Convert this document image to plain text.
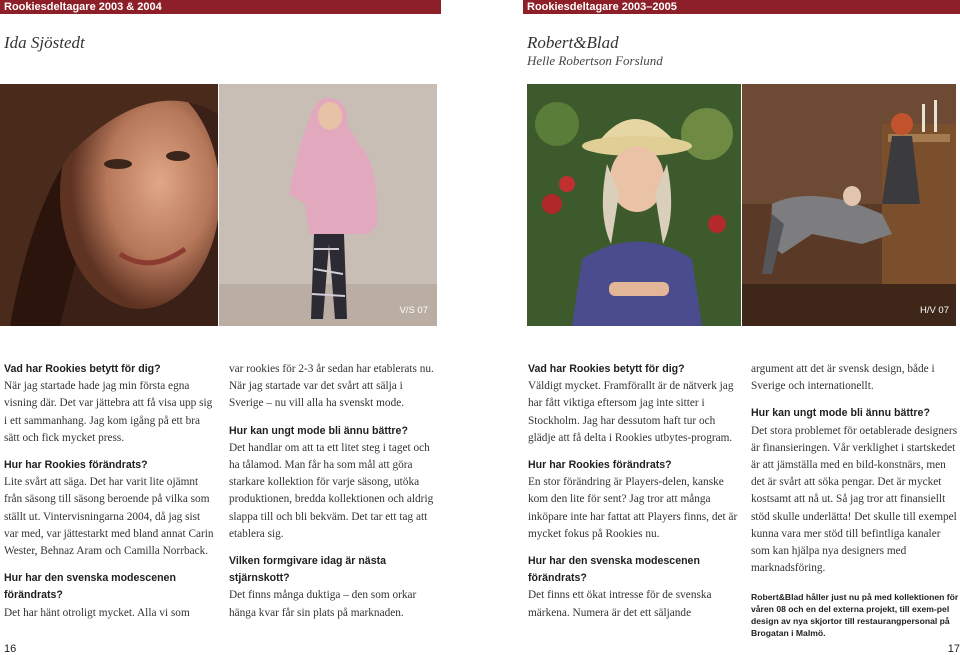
Rookiesdeltagare 2003 & 2004	Rookiesdeltagare 2003–2005
Ida Sjöstedt	Robert&Blad
Helle Robertson Forslund
V/S 07	H/V 07

Vad har Rookies betytt för dig?

När jag startade hade jag min första egna visning där. Det var jättebra att få visa upp sig i ett sammanhang. Jag kom igång på ett bra sätt och fick mycket press.

Hur har Rookies förändrats?

Lite svårt att säga. Det har varit lite ojämnt från säsong till säsong beroende på vilka som ställt ut. Vintervisningarna 2004, då jag sist var med, var jättestarkt med bland annat Carin Wester, Behnaz Aram och Camilla Norrback.

Hur har den svenska modescenen förändrats?

Det har hänt otroligt mycket. Alla vi som

var rookies för 2-3 år sedan har etablerats nu. När jag startade var det svårt att sälja i Sverige – nu vill alla ha svenskt mode.

Hur kan ungt mode bli ännu bättre?

Det handlar om att ta ett litet steg i taget och ha tålamod. Man får ha som mål att göra starkare kollektion för varje säsong, utöka produktionen, bredda kollektionen och aldrig slappa till och bli bekväm. Det tar ett tag att etablera sig.

Vilken formgivare idag är nästa stjärnskott?

Det finns många duktiga – den som orkar hänga kvar får sin plats på marknaden.

Vad har Rookies betytt för dig?

Väldigt mycket. Framförallt är de nätverk jag har fått viktiga eftersom jag inte sitter i Stockholm. Jag har dessutom haft tur och glädje att få delta i Rookies utbytes-program.

Hur har Rookies förändrats?

En stor förändring är Players-delen, kanske kom den lite för sent? Jag tror att många inköpare inte har fattat att Players finns, det är mycket fokus på Rookies nu.

Hur har den svenska modescenen förändrats?

Det finns ett ökat intresse för de svenska märkena. Numera är det ett säljande

argument att det är svensk design, både i Sverige och internationellt.

Hur kan ungt mode bli ännu bättre?

Det stora problemet för oetablerade designers är finansieringen. Vår verklighet i startskedet är att jämställa med en bild-konstnärs, men det är svårt att söka pengar. Det är mycket kostsamt att nå ut. Så jag tror att finansiellt stöd skulle underlätta! Det skulle till exempel kunna vara mer stöd till befintliga kanaler som kan hjälpa nya designers med marknadsföring.

Robert&Blad håller just nu på med kollektionen för våren 08 och en del externa projekt, till exem-pel design av nya skjortor till restaurangpersonal på Brogatan i Malmö.

16	17
